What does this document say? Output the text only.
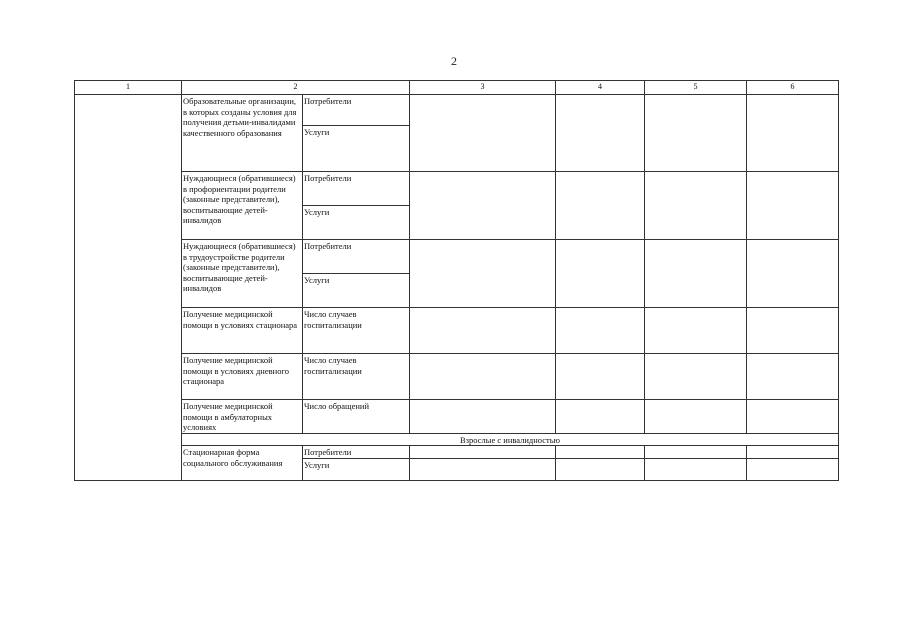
2
1	2		3	4	5	6
	Образовательные организации, в которых созданы условия для получения детьми-инвалидами качественного образования	Потребители				
		Услуги				
	Нуждающиеся (обратившиеся) в профориентации родители (законные представители), воспитывающие детей-инвалидов	Потребители				
		Услуги				
	Нуждающиеся (обратившиеся) в трудоустройстве родители (законные представители), воспитывающие детей-инвалидов	Потребители				
		Услуги				
	Получение медицинской помощи в условиях стационара	Число случаев госпитализации				
	Получение медицинской помощи в условиях дневного стационара	Число случаев госпитализации				
	Получение медицинской помощи в амбулаторных условиях	Число обращений				
	Взрослые с инвалидностью					
	Стационарная форма социального обслуживания	Потребители				
		Услуги				
